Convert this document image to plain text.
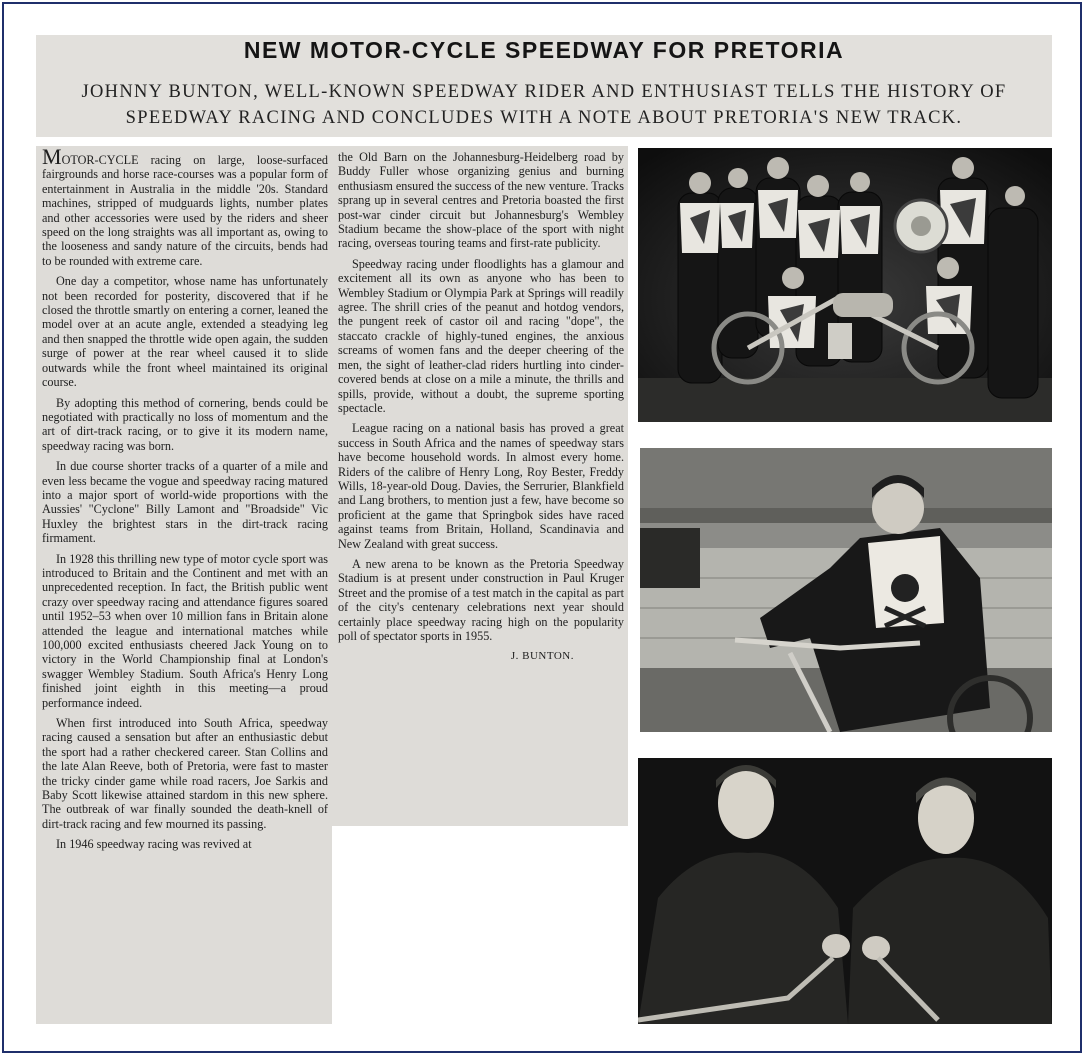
NEW MOTOR-CYCLE SPEEDWAY FOR PRETORIA
JOHNNY BUNTON, WELL-KNOWN SPEEDWAY RIDER AND ENTHUSIAST TELLS THE HISTORY OF
SPEEDWAY RACING AND CONCLUDES WITH A NOTE ABOUT PRETORIA'S NEW TRACK.

MOTOR-CYCLE racing on large, loose-surfaced fairgrounds and horse race-courses was a popular form of entertainment in Australia in the middle '20s. Standard machines, stripped of mudguards lights, number plates and other accessories were used by the riders and sheer speed on the long straights was all important as, owing to the looseness and sandy nature of the circuits, bends had to be rounded with extreme care.

One day a competitor, whose name has unfortunately not been recorded for posterity, discovered that if he closed the throttle smartly on entering a corner, leaned the model over at an acute angle, extended a steadying leg and then snapped the throttle wide open again, the sudden surge of power at the rear wheel caused it to slide outwards while the front wheel maintained its original course.

By adopting this method of cornering, bends could be negotiated with practically no loss of momentum and the art of dirt-track racing, or to give it its modern name, speedway racing was born.

In due course shorter tracks of a quarter of a mile and even less became the vogue and speedway racing matured into a major sport of world-wide proportions with the Aussies' "Cyclone" Billy Lamont and "Broadside" Vic Huxley the brightest stars in the dirt-track racing firmament.

In 1928 this thrilling new type of motor cycle sport was introduced to Britain and the Continent and met with an unprecedented reception. In fact, the British public went crazy over speedway racing and attendance figures soared until 1952–53 when over 10 million fans in Britain alone attended the league and international matches while 100,000 excited enthusiasts cheered Jack Young on to victory in the World Championship final at London's swagger Wembley Stadium. South Africa's Henry Long finished joint eighth in this meeting—a proud performance indeed.

When first introduced into South Africa, speedway racing caused a sensation but after an enthusiastic debut the sport had a rather checkered career. Stan Collins and the late Alan Reeve, both of Pretoria, were fast to master the tricky cinder game while road racers, Joe Sarkis and Baby Scott likewise attained stardom in this new sphere. The outbreak of war finally sounded the death-knell of dirt-track racing and few mourned its passing.

In 1946 speedway racing was revived at

the Old Barn on the Johannesburg-Heidelberg road by Buddy Fuller whose organizing genius and burning enthusiasm ensured the success of the new venture. Tracks sprang up in several centres and Pretoria boasted the first post-war cinder circuit but Johannesburg's Wembley Stadium became the show-place of the sport with night racing, overseas touring teams and first-rate publicity.

Speedway racing under floodlights has a glamour and excitement all its own as anyone who has been to Wembley Stadium or Olympia Park at Springs will readily agree. The shrill cries of the peanut and hotdog vendors, the pungent reek of castor oil and racing "dope", the staccato crackle of highly-tuned engines, the anxious screams of women fans and the deeper cheering of the men, the sight of leather-clad riders hurtling into cinder-covered bends at close on a mile a minute, the thrills and spills, provide, without a doubt, the supreme sporting spectacle.

League racing on a national basis has proved a great success in South Africa and the names of speedway stars have become household words. In almost every home. Riders of the calibre of Henry Long, Roy Bester, Freddy Wills, 18-year-old Doug. Davies, the Serrurier, Blankfield and Lang brothers, to mention just a few, have become so proficient at the game that Springbok sides have raced against teams from Britain, Holland, Scandinavia and New Zealand with great success.

A new arena to be known as the Pretoria Speedway Stadium is at present under construction in Paul Kruger Street and the promise of a test match in the capital as part of the city's centenary celebrations next year should certainly place speedway racing high on the popularity poll of spectator sports in 1955.

J. BUNTON.
